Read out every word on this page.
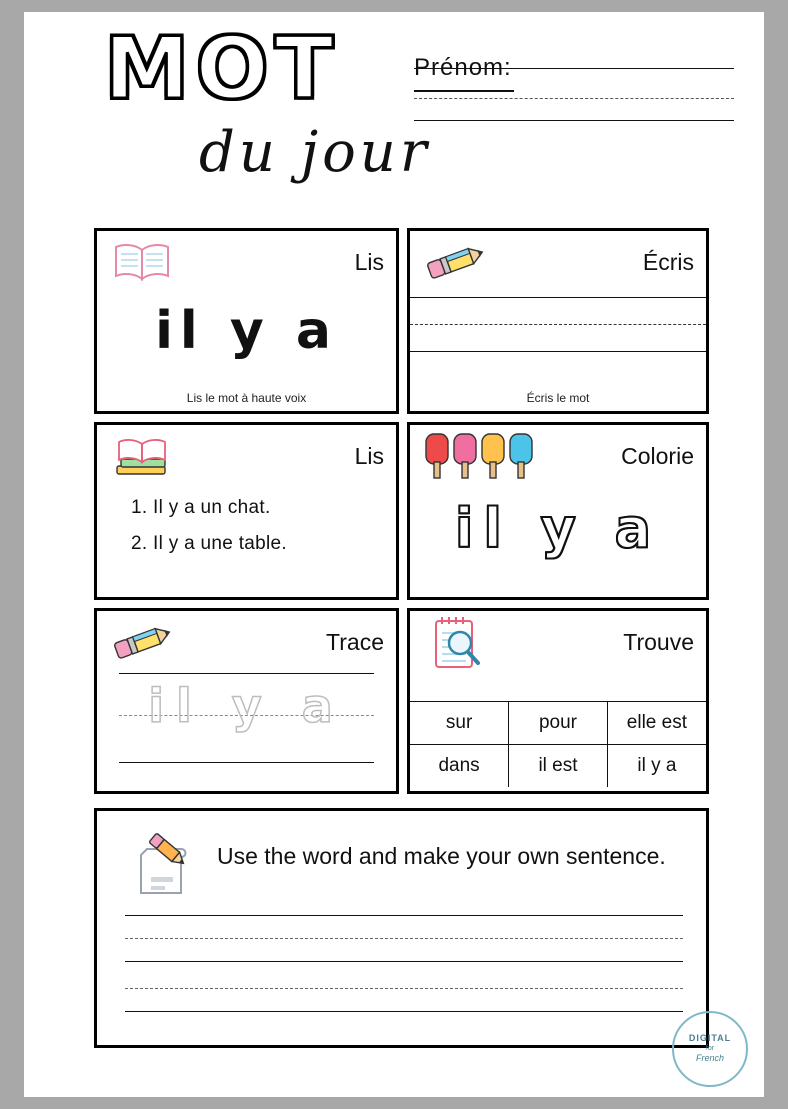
MOT
du jour
Prénom:
Lis
il y a
Lis le mot à haute voix
Écris
Écris le mot
Lis
1. Il y a un chat.
2. Il y a une table.
Colorie
il y a
Trace
il y a
Trouve
sur	pour	elle est
dans	il est	il y a
Use the word and make your own sentence.
DIGITAL
for
French
